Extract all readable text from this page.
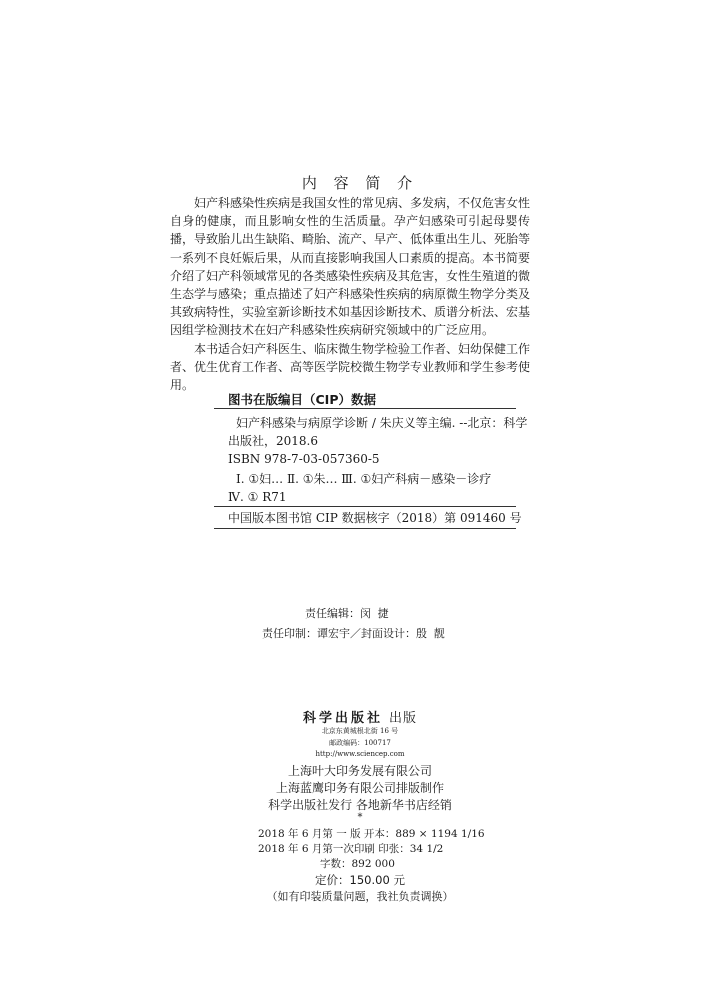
内 容 简 介

妇产科感染性疾病是我国女性的常见病、多发病，不仅危害女性自身的健康，而且影响女性的生活质量。孕产妇感染可引起母婴传播，导致胎儿出生缺陷、畸胎、流产、早产、低体重出生儿、死胎等一系列不良妊娠后果，从而直接影响我国人口素质的提高。本书简要介绍了妇产科领域常见的各类感染性疾病及其危害，女性生殖道的微生态学与感染；重点描述了妇产科感染性疾病的病原微生物学分类及其致病特性，实验室新诊断技术如基因诊断技术、质谱分析法、宏基因组学检测技术在妇产科感染性疾病研究领域中的广泛应用。

本书适合妇产科医生、临床微生物学检验工作者、妇幼保健工作者、优生优育工作者、高等医学院校微生物学专业教师和学生参考使用。

图书在版编目（CIP）数据
妇产科感染与病原学诊断 / 朱庆义等主编. --北京：科学
出版社，2018.6
ISBN 978-7-03-057360-5
Ⅰ. ①妇… Ⅱ. ①朱… Ⅲ. ①妇产科病－感染－诊疗
Ⅳ. ① R71
中国版本图书馆 CIP 数据核字（2018）第 091460 号
责任编辑：闵 捷
责任印制：谭宏宇／封面设计：殷 靓
科学出版社 出版
北京东黄城根北街 16 号
邮政编码：100717
http://www.sciencep.com
上海叶大印务发展有限公司
上海蓝鹰印务有限公司排版制作
科学出版社发行 各地新华书店经销
*
2018 年 6 月第 一 版 开本：889 × 1194 1/16
2018 年 6 月第一次印刷 印张：34 1/2
字数：892 000
定价：150.00 元
（如有印装质量问题，我社负责调换）
